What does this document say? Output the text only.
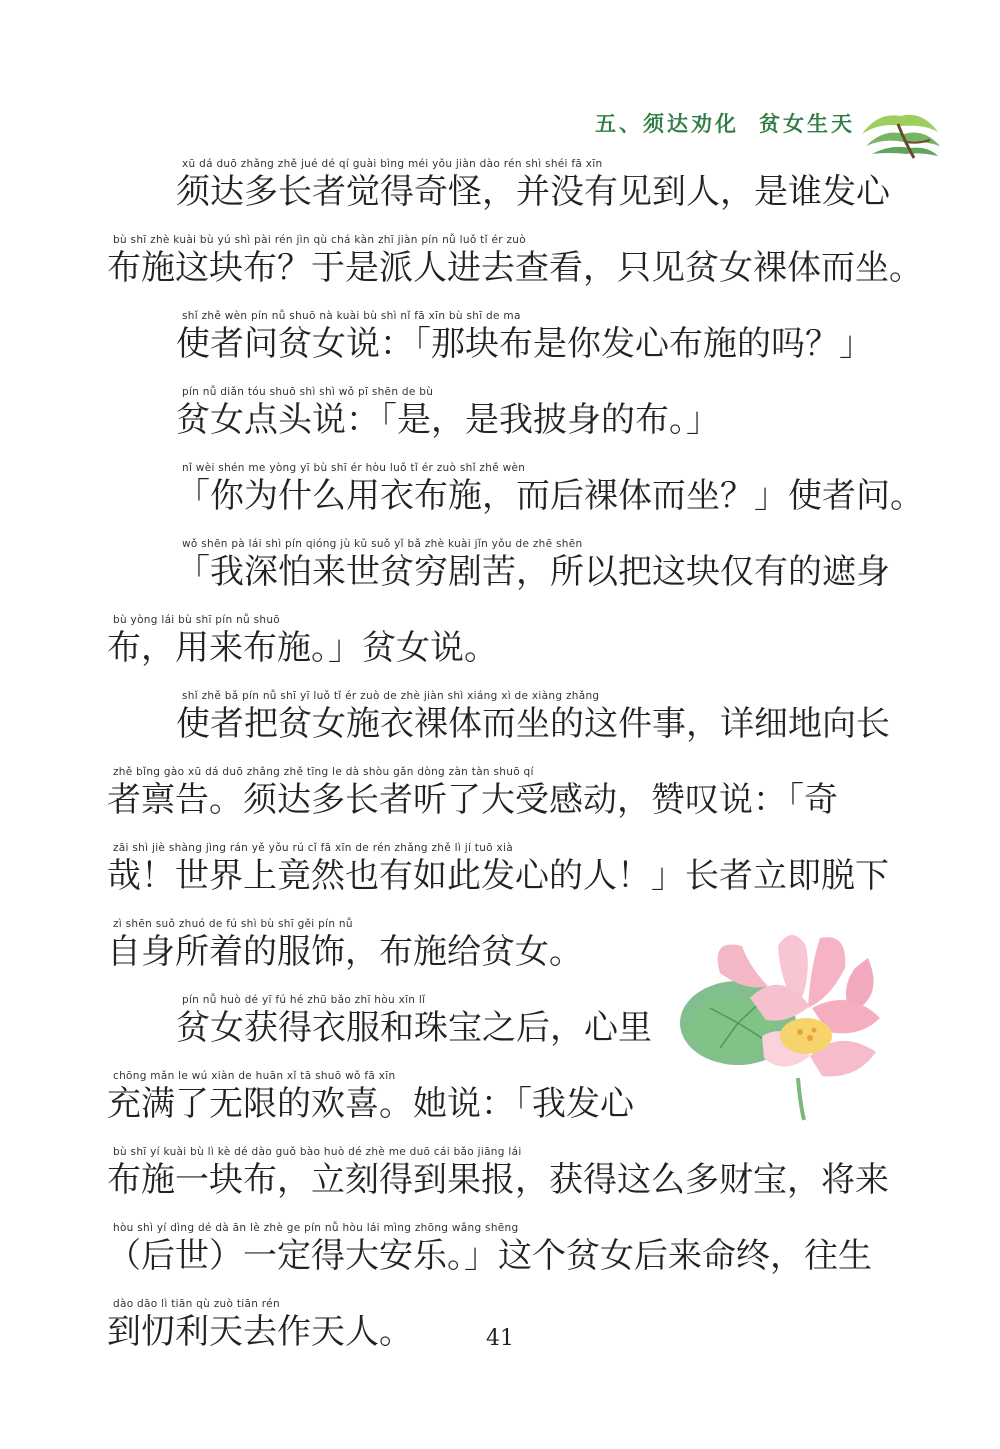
五、须达劝化 贫女生天
xū dá duō zhǎng zhě jué dé qí guài bìng méi yǒu jiàn dào rén shì shéi fā xīn
须达多长者觉得奇怪，并没有见到人，是谁发心
bù shī zhè kuài bù yú shì pài rén jìn qù chá kàn zhī jiàn pín nǚ luǒ tǐ ér zuò
布施这块布？于是派人进去查看，只见贫女裸体而坐。
shǐ zhě wèn pín nǚ shuō nà kuài bù shì nǐ fā xīn bù shī de ma
使者问贫女说：「那块布是你发心布施的吗？」
pín nǚ diǎn tóu shuō shì shì wǒ pī shēn de bù
贫女点头说：「是，是我披身的布。」
nǐ wèi shén me yòng yī bù shī ér hòu luǒ tǐ ér zuò shǐ zhě wèn
「你为什么用衣布施，而后裸体而坐？」使者问。
wǒ shēn pà lái shì pín qióng jù kǔ suǒ yǐ bǎ zhè kuài jǐn yǒu de zhē shēn
「我深怕来世贫穷剧苦，所以把这块仅有的遮身
bù yòng lái bù shī pín nǚ shuō
布，用来布施。」贫女说。
shǐ zhě bǎ pín nǚ shī yī luǒ tǐ ér zuò de zhè jiàn shì xiáng xì de xiàng zhǎng
使者把贫女施衣裸体而坐的这件事，详细地向长
zhě bǐng gào xū dá duō zhǎng zhě tīng le dà shòu gǎn dòng zàn tàn shuō qí
者禀告。须达多长者听了大受感动，赞叹说：「奇
zāi shì jiè shàng jìng rán yě yǒu rú cǐ fā xīn de rén zhǎng zhě lì jí tuō xià
哉！世界上竟然也有如此发心的人！」长者立即脱下
zì shēn suǒ zhuó de fú shì bù shī gěi pín nǚ
自身所着的服饰，布施给贫女。
pín nǚ huò dé yī fú hé zhū bǎo zhī hòu xīn lǐ
贫女获得衣服和珠宝之后，心里
chōng mǎn le wú xiàn de huān xǐ tā shuō wǒ fā xīn
充满了无限的欢喜。她说：「我发心
bù shī yí kuài bù lì kè dé dào guǒ bào huò dé zhè me duō cái bǎo jiāng lái
布施一块布，立刻得到果报，获得这么多财宝，将来
hòu shì yí dìng dé dà ān lè zhè ge pín nǚ hòu lái mìng zhōng wǎng shēng
（后世）一定得大安乐。」这个贫女后来命终，往生
dào dāo lì tiān qù zuò tiān rén
到忉利天去作天人。	41
